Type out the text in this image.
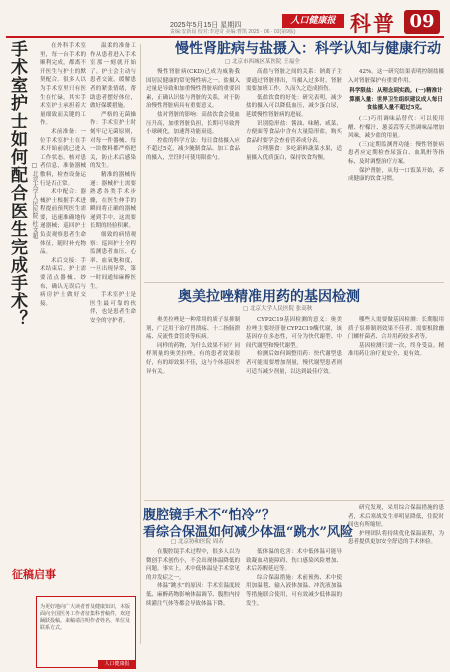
2025年5月15日 星期四
责编:安新晨 校对:李迎奇 美编:曹凯 2025 · 06 · 02(第9版)
人口健康报 科普 09
手术室护士如何配合医生完成手术？ □ 北京大学人民医院 杜文超

在外科手术室里，每一台手术的顺利完成，都离不开医生与护士的默契配合。很多人以为手术室里只有医生在忙碌，其实手术室护士承担着大量细致而关键的工作。

术前准备：一位手术室护士在手术开始前就已进入工作状态，核对患者信息，准备器械敷料，检查设备运行是否正常。

术中配合：器械护士根据手术进程提前预判医生需要，迅速准确地传递器械；巡回护士负责观察患者生命体征，随时补充物品。

术后交接：手术结束后，护士需要清点器械、纱布，确认无误后与病房护士做好交接。

温柔的准备工作从患者进入手术室那一刻就开始了。护士会主动与患者交流，缓解患者的紧张情绪，帮助患者摆好体位，做好保暖措施。

严格的无菌操作：手术室护士时刻牢记无菌原则，对每一件器械、每一块敷料都严格把关，防止术后感染的发生。

精准的器械传递：器械护士需要熟悉各类手术步骤，在医生伸手的瞬间将正确的器械递到手中，这需要长期的经验积累。

细致的病情观察：巡回护士全程监测患者血压、心率、血氧饱和度，一旦出现异常，第一时间通知麻醉医生。

手术室护士是医生最可靠的伙伴，也是患者生命安全的守护者。

征稿启事
为更好地向广大读者普及健康知识，本版面向全国医务工作者征集科普稿件，欢迎踊跃投稿。来稿请注明作者姓名、单位及联系方式。
人口健康报
慢性肾脏病与盐摄入：科学认知与健康行动
□ 北京市西城区某医院 王福全

慢性肾脏病(CKD)已成为威胁我国居民健康的常见慢性病之一。盐摄入过量是导致和加重慢性肾脏病的重要因素，正确认识盐与肾脏的关系，对于防治慢性肾脏病具有重要意义。

盐对肾脏的影响：高盐饮食会使血压升高，加重肾脏负担，长期可导致肾小球硬化，加速肾功能衰退。

控盐的科学方法：每日食盐摄入应不超过5克，减少腌制食品、加工食品的摄入，烹饪时可使用限盐勺。

高盐与肾脏之间的关系：钠离子主要通过肾脏排出，当摄入过多时，肾脏需要加班工作，久而久之造成损伤。

低盐饮食的好处：研究表明，减少盐的摄入可以降低血压，减少蛋白尿，延缓慢性肾脏病的进展。

识别隐形盐：酱油、味精、咸菜、方便面等食品中含有大量隐形盐，购买食品时要学会查看营养成分表。

合理膳食：多吃新鲜蔬菜水果，适量摄入优质蛋白，保持饮食均衡。

42%。这一研究结果表明控制盐摄入对肾脏保护有重要作用。

科学限盐：从理念到实践。(一)精准计算摄入量：世界卫生组织建议成人每日食盐摄入量不超过5克。

(二)巧用调味品替代：可以使用醋、柠檬汁、葱姜蒜等天然调味品增加风味，减少盐的用量。

(三)定期监测肾功能：慢性肾脏病患者应定期检查尿蛋白、血肌酐等指标，及时调整治疗方案。

保护肾脏，从每一口饭菜开始，养成健康的饮食习惯。

奥美拉唑精准用药的基因检测
□ 北京大学人民医院 张高秋

奥美拉唑是一种常用的质子泵抑制剂，广泛用于治疗胃溃疡、十二指肠溃疡、反流性食管炎等疾病。

同样的药物，为什么效果不同？同样剂量的奥美拉唑，有的患者效果很好，有的却效果不佳，这与个体基因差异有关。

CYP2C19基因检测的意义：奥美拉唑主要经肝脏CYP2C19酶代谢，该基因存在多态性，可分为快代谢型、中间代谢型和慢代谢型。

检测后如何调整用药：快代谢型患者可能需要增加剂量，慢代谢型患者则可适当减少剂量，以达到最佳疗效。

哪些人需要做基因检测：长期服用质子泵抑制剂效果不佳者、需要根除幽门螺杆菌者、合并用药较多者等。

基因检测只需一次，终身受益。精准用药让治疗更安全、更有效。

腹腔镜手术不“怕冷”？
看综合保温如何减少体温“跳水”风险
□ 北京协和医院 周若

在腹腔镜手术过程中，很多人以为微创手术创伤小，不会出现体温降低的问题。事实上，术中低体温是手术常见的并发症之一。

体温“跳水”的原因：手术室温度较低、麻醉药物影响体温调节、腹腔内持续灌注气体等都会导致体温下降。

低体温的危害：术中低体温可能导致凝血功能障碍、伤口感染风险增加、术后苏醒延迟等。

综合保温措施：术前预热、术中使用加温毯、输入液体加温、冲洗液加温等措施联合使用，可有效减少低体温的发生。

研究发现，采用综合保温措施的患者，术后寒战发生率明显降低，住院时间也有所缩短。

护理团队将持续优化保温流程，为患者提供更加安全舒适的手术体验。
